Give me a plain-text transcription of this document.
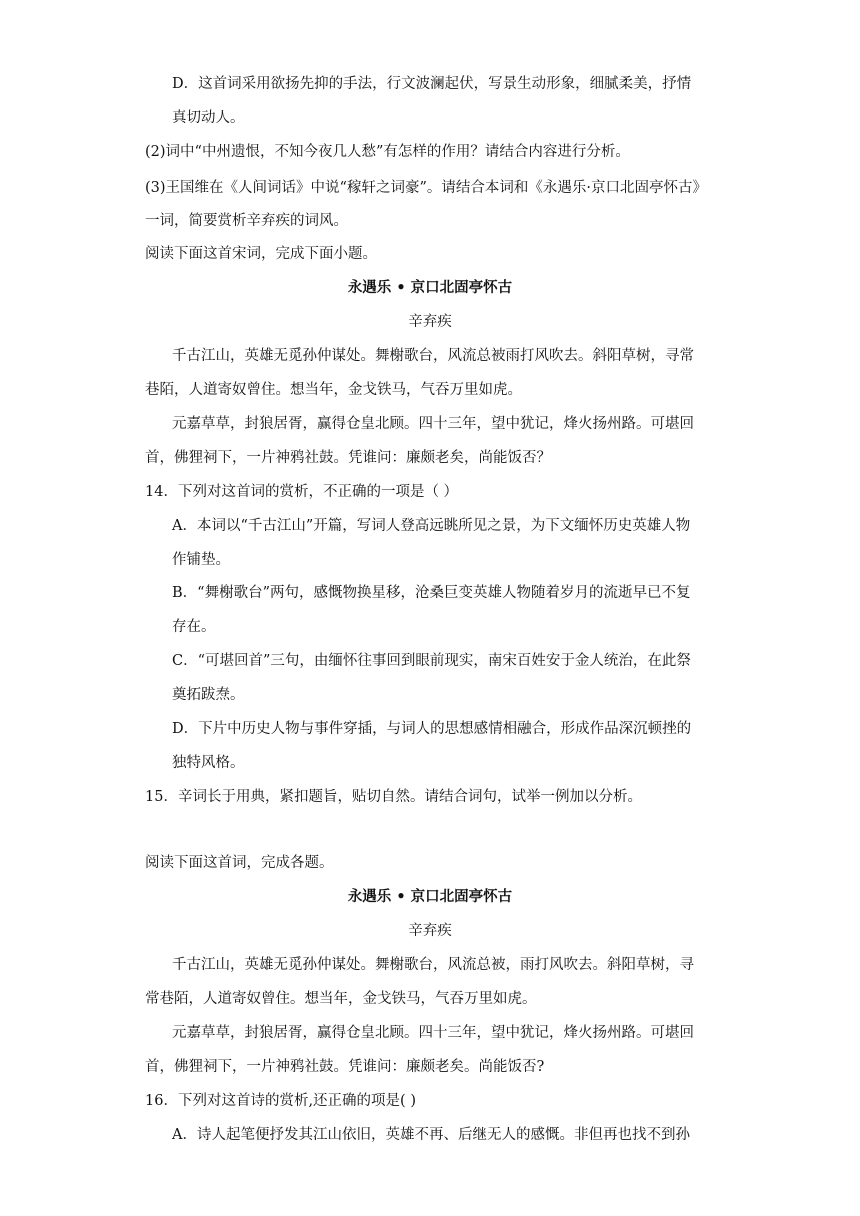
D．这首词采用欲扬先抑的手法，行文波澜起伏，写景生动形象，细腻柔美，抒情
真切动人。
(2)词中“中州遗恨，不知今夜几人愁”有怎样的作用？请结合内容进行分析。
(3)王国维在《人间词话》中说“稼轩之词豪”。请结合本词和《永遇乐·京口北固亭怀古》
一词，简要赏析辛弃疾的词风。
阅读下面这首宋词，完成下面小题。
永遇乐 • 京口北固亭怀古
辛弃疾
千古江山，英雄无觅孙仲谋处。舞榭歌台，风流总被雨打风吹去。斜阳草树，寻常
巷陌，人道寄奴曾住。想当年，金戈铁马，气吞万里如虎。
元嘉草草，封狼居胥，赢得仓皇北顾。四十三年，望中犹记，烽火扬州路。可堪回
首，佛狸祠下，一片神鸦社鼓。凭谁问：廉颇老矣，尚能饭否？
14．下列对这首词的赏析，不正确的一项是（ ）
A．本词以“千古江山”开篇，写词人登高远眺所见之景，为下文缅怀历史英雄人物
作铺垫。
B．“舞榭歌台”两句，感慨物换星移，沧桑巨变英雄人物随着岁月的流逝早已不复
存在。
C．“可堪回首”三句，由缅怀往事回到眼前现实，南宋百姓安于金人统治，在此祭
奠拓跋焘。
D．下片中历史人物与事件穿插，与词人的思想感情相融合，形成作品深沉顿挫的
独特风格。
15．辛词长于用典，紧扣题旨，贴切自然。请结合词句，试举一例加以分析。
阅读下面这首词，完成各题。
永遇乐 • 京口北固亭怀古
辛弃疾
千古江山，英雄无觅孙仲谋处。舞榭歌台，风流总被，雨打风吹去。斜阳草树，寻
常巷陌，人道寄奴曾住。想当年，金戈铁马，气吞万里如虎。
元嘉草草，封狼居胥，赢得仓皇北顾。四十三年，望中犹记，烽火扬州路。可堪回
首，佛狸祠下，一片神鸦社鼓。凭谁问：廉颇老矣。尚能饭否?
16．下列对这首诗的赏析,还正确的项是( )
A．诗人起笔便抒发其江山依旧，英雄不再、后继无人的感慨。非但再也找不到孙
